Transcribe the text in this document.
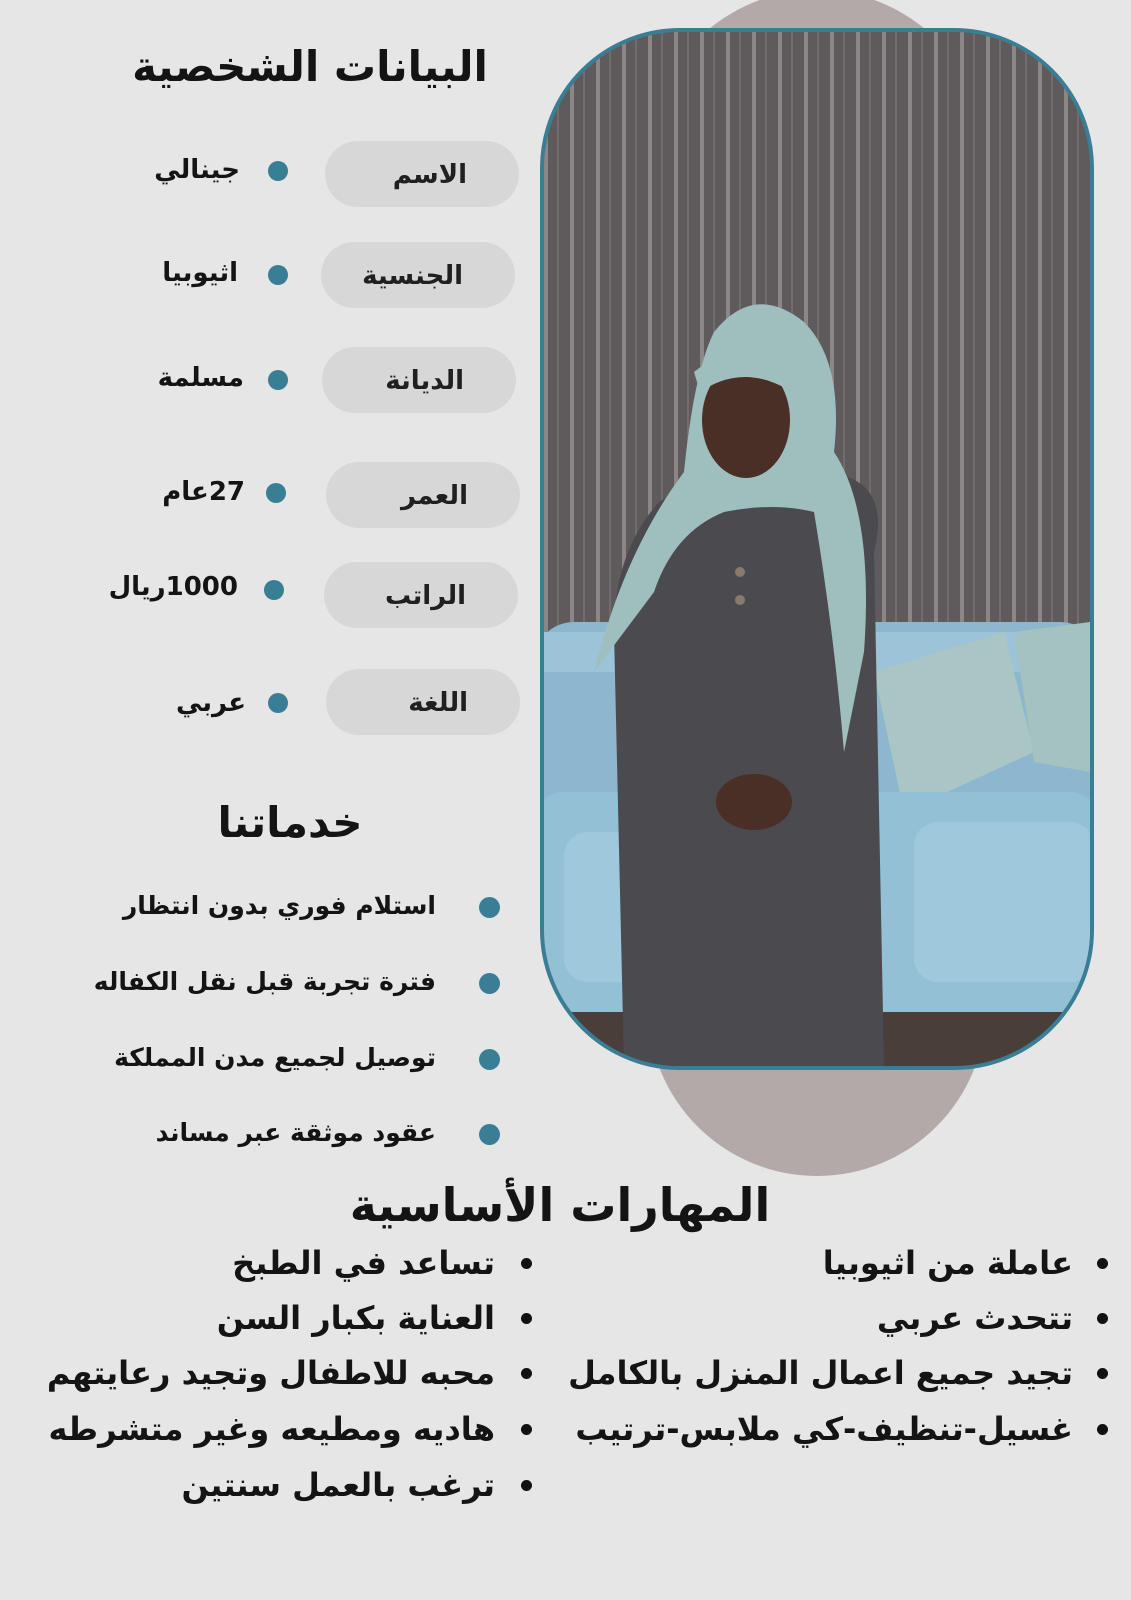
البيانات الشخصية
الاسم
جينالي
الجنسية
اثيوبيا
الديانة
مسلمة
العمر
27عام
الراتب
1000ريال
اللغة
عربي
خدماتنا
استلام فوري بدون انتظار
فترة تجربة قبل نقل الكفاله
توصيل لجميع مدن المملكة
عقود موثقة عبر مساند
المهارات الأساسية
عاملة من اثيوبيا
تتحدث عربي
تجيد جميع اعمال المنزل بالكامل
غسيل-تنظيف-كي ملابس-ترتيب
تساعد في الطبخ
العناية بكبار السن
محبه للاطفال وتجيد رعايتهم
هاديه ومطيعه وغير متشرطه
ترغب بالعمل سنتين
